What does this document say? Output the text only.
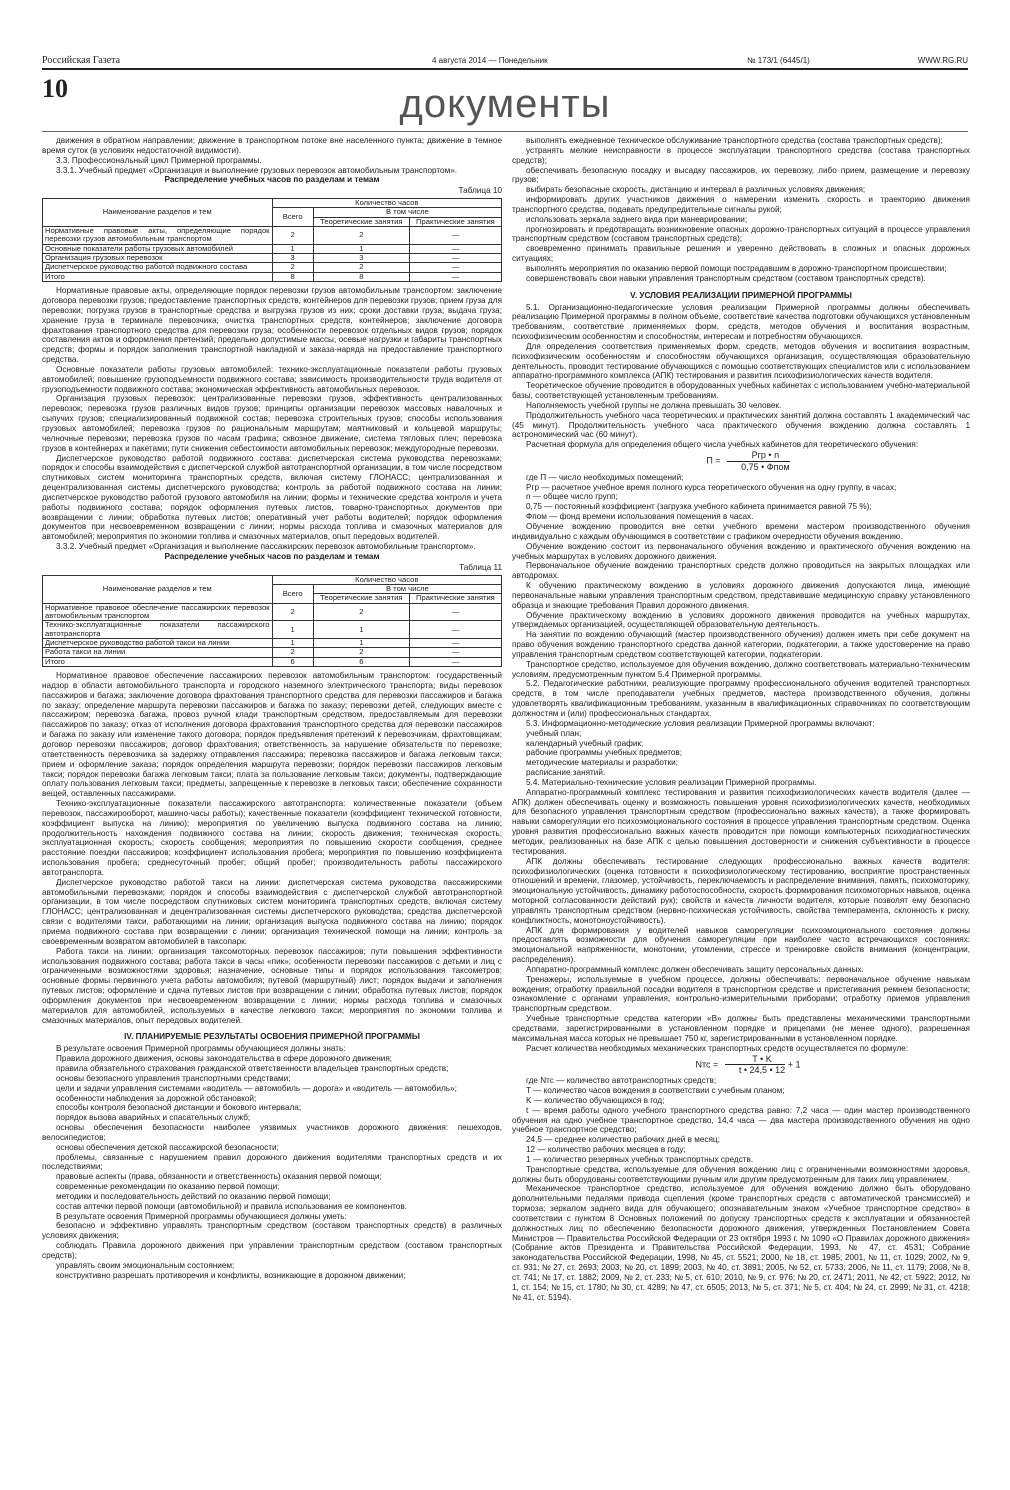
Российская Газета	4 августа 2014 — Понедельник	№ 173/1 (6445/1)	WWW.RG.RU
10	документы

движения в обратном направлении; движение в транспортном потоке вне населенного пункта; движение в темное время суток (в условиях недостаточной видимости).

3.3. Профессиональный цикл Примерной программы.

3.3.1. Учебный предмет «Организация и выполнение грузовых перевозок автомобильным транспортом».

Распределение учебных часов по разделам и темам

Таблица 10

Наименование разделов и тем	Количество часов		
	Всего	В том числе	
		Теоретические занятия	Практические занятия
Нормативные правовые акты, определяющие порядок перевозки грузов автомобильным транспортом	2	2	—
Основные показатели работы грузовых автомобилей	1	1	—
Организация грузовых перевозок	3	3	—
Диспетчерское руководство работой подвижного состава	2	2	—
Итого	8	8	—

Нормативные правовые акты, определяющие порядок перевозки грузов автомобильным транспортом: заключение договора перевозки грузов; предоставление транспортных средств, контейнеров для перевозки грузов; прием груза для перевозки; погрузка грузов в транспортные средства и выгрузка грузов из них; сроки доставки груза; выдача груза; хранение груза в терминале перевозчика; очистка транспортных средств, контейнеров; заключение договора фрахтования транспортного средства для перевозки груза; особенности перевозок отдельных видов грузов; порядок составления актов и оформления претензий; предельно допустимые массы, осевые нагрузки и габариты транспортных средств; формы и порядок заполнения транспортной накладной и заказа-наряда на предоставление транспортного средства.

Основные показатели работы грузовых автомобилей: технико-эксплуатационные показатели работы грузовых автомобилей; повышение грузоподъемности подвижного состава; зависимость производительности труда водителя от грузоподъемности подвижного состава; экономическая эффективность автомобильных перевозок.

Организация грузовых перевозок: централизованные перевозки грузов, эффективность централизованных перевозок; перевозка грузов различных видов грузов; принципы организации перевозок массовых навалочных и сыпучих грузов; специализированный подвижной состав; перевозка строительных грузов; способы использования грузовых автомобилей; перевозка грузов по рациональным маршрутам; маятниковый и кольцевой маршруты; челночные перевозки; перевозка грузов по часам графика; сквозное движение, система тягловых плеч; перевозка грузов в контейнерах и пакетами; пути снижения себестоимости автомобильных перевозок; междугородные перевозки.

Диспетчерское руководство работой подвижного состава: диспетчерская система руководства перевозками; порядок и способы взаимодействия с диспетчерской службой автотранспортной организации, в том числе посредством спутниковых систем мониторинга транспортных средств, включая систему ГЛОНАСС; централизованная и децентрализованная системы диспетчерского руководства; контроль за работой подвижного состава на линии; диспетчерское руководство работой грузового автомобиля на линии; формы и технические средства контроля и учета работы подвижного состава; порядок оформления путевых листов, товарно-транспортных документов при возвращении с линии; обработка путевых листов; оперативный учет работы водителей; порядок оформления документов при несвоевременном возвращении с линии; нормы расхода топлива и смазочных материалов для автомобилей; мероприятия по экономии топлива и смазочных материалов, опыт передовых водителей.

3.3.2. Учебный предмет «Организация и выполнение пассажирских перевозок автомобильным транспортом».

Распределение учебных часов по разделам и темам

Таблица 11

Наименование разделов и тем	Количество часов		
	Всего	В том числе	
		Теоретические занятия	Практические занятия
Нормативное правовое обеспечение пассажирских перевозок автомобильным транспортом	2	2	—
Технико-эксплуатационные показатели пассажирского автотранспорта	1	1	—
Диспетчерское руководство работой такси на линии	1	1	—
Работа такси на линии	2	2	—
Итого	6	6	—

Нормативное правовое обеспечение пассажирских перевозок автомобильным транспортом: государственный надзор в области автомобильного транспорта и городского наземного электрического транспорта; виды перевозок пассажиров и багажа; заключение договора фрахтования транспортного средства для перевозки пассажиров и багажа по заказу; определение маршрута перевозки пассажиров и багажа по заказу; перевозки детей, следующих вместе с пассажиром; перевозка багажа, провоз ручной клади транспортным средством, предоставляемым для перевозки пассажиров по заказу; отказ от исполнения договора фрахтования транспортного средства для перевозки пассажиров и багажа по заказу или изменение такого договора; порядок предъявления претензий к перевозчикам, фрахтовщикам; договор перевозки пассажиров; договор фрахтования; ответственность за нарушение обязательств по перевозке; ответственность перевозчика за задержку отправления пассажира; перевозка пассажиров и багажа легковым такси; прием и оформление заказа; порядок определения маршрута перевозки; порядок перевозки пассажиров легковым такси; порядок перевозки багажа легковым такси; плата за пользование легковым такси; документы, подтверждающие оплату пользования легковым такси; предметы, запрещенные к перевозке в легковых такси; обеспечение сохранности вещей, оставленных пассажирами.

Технико-эксплуатационные показатели пассажирского автотранспорта: количественные показатели (объем перевозок, пассажирооборот, машино-часы работы); качественные показатели (коэффициент технической готовности, коэффициент выпуска на линию); мероприятия по увеличению выпуска подвижного состава на линию; продолжительность нахождения подвижного состава на линии; скорость движения; техническая скорость; эксплуатационная скорость; скорость сообщения; мероприятия по повышению скорости сообщения, среднее расстояние поездки пассажиров; коэффициент использования пробега; мероприятия по повышению коэффициента использования пробега; среднесуточный пробег; общий пробег; производительность работы пассажирского автотранспорта.

Диспетчерское руководство работой такси на линии: диспетчерская система руководства пассажирскими автомобильными перевозками; порядок и способы взаимодействия с диспетчерской службой автотранспортной организации, в том числе посредством спутниковых систем мониторинга транспортных средств, включая систему ГЛОНАСС; централизованная и децентрализованная системы диспетчерского руководства; средства диспетчерской связи с водителями такси, работающими на линии; организация выпуска подвижного состава на линию; порядок приема подвижного состава при возвращении с линии; организация технической помощи на линии; контроль за своевременным возвратом автомобилей в таксопарк.

Работа такси на линии: организация таксомоторных перевозок пассажиров; пути повышения эффективности использования подвижного состава; работа такси в часы «пик»; особенности перевозки пассажиров с детьми и лиц с ограниченными возможностями здоровья; назначение, основные типы и порядок использования таксометров; основные формы первичного учета работы автомобиля; путевой (маршрутный) лист; порядок выдачи и заполнения путевых листов; оформление и сдача путевых листов при возвращении с линии; обработка путевых листов; порядок оформления документов при несвоевременном возвращении с линии; нормы расхода топлива и смазочных материалов для автомобилей, используемых в качестве легкового такси; мероприятия по экономии топлива и смазочных материалов, опыт передовых водителей.

IV. ПЛАНИРУЕМЫЕ РЕЗУЛЬТАТЫ ОСВОЕНИЯ ПРИМЕРНОЙ ПРОГРАММЫ

В результате освоения Примерной программы обучающиеся должны знать:

Правила дорожного движения, основы законодательства в сфере дорожного движения;

правила обязательного страхования гражданской ответственности владельцев транспортных средств;

основы безопасного управления транспортными средствами;

цели и задачи управления системами «водитель — автомобиль — дорога» и «водитель — автомобиль»;

особенности наблюдения за дорожной обстановкой;

способы контроля безопасной дистанции и бокового интервала;

порядок вызова аварийных и спасательных служб;

основы обеспечения безопасности наиболее уязвимых участников дорожного движения: пешеходов, велосипедистов;

основы обеспечения детской пассажирской безопасности;

проблемы, связанные с нарушением правил дорожного движения водителями транспортных средств и их последствиями;

правовые аспекты (права, обязанности и ответственность) оказания первой помощи;

современные рекомендации по оказанию первой помощи;

методики и последовательность действий по оказанию первой помощи;

состав аптечки первой помощи (автомобильной) и правила использования ее компонентов.

В результате освоения Примерной программы обучающиеся должны уметь:

безопасно и эффективно управлять транспортным средством (составом транспортных средств) в различных условиях движения;

соблюдать Правила дорожного движения при управлении транспортным средством (составом транспортных средств);

управлять своим эмоциональным состоянием;

конструктивно разрешать противоречия и конфликты, возникающие в дорожном движении;

выполнять ежедневное техническое обслуживание транспортного средства (состава транспортных средств);

устранять мелкие неисправности в процессе эксплуатации транспортного средства (состава транспортных средств);

обеспечивать безопасную посадку и высадку пассажиров, их перевозку, либо прием, размещение и перевозку грузов;

выбирать безопасные скорость, дистанцию и интервал в различных условиях движения;

информировать других участников движения о намерении изменить скорость и траекторию движения транспортного средства, подавать предупредительные сигналы рукой;

использовать зеркала заднего вида при маневрировании;

прогнозировать и предотвращать возникновение опасных дорожно-транспортных ситуаций в процессе управления транспортным средством (составом транспортных средств);

своевременно принимать правильные решения и уверенно действовать в сложных и опасных дорожных ситуациях;

выполнять мероприятия по оказанию первой помощи пострадавшим в дорожно-транспортном происшествии;

совершенствовать свои навыки управления транспортным средством (составом транспортных средств).

V. УСЛОВИЯ РЕАЛИЗАЦИИ ПРИМЕРНОЙ ПРОГРАММЫ

5.1. Организационно-педагогические условия реализации Примерной программы должны обеспечивать реализацию Примерной программы в полном объеме, соответствие качества подготовки обучающихся установленным требованиям, соответствие применяемых форм, средств, методов обучения и воспитания возрастным, психофизическим особенностям и способностям, интересам и потребностям обучающихся.

Для определения соответствия применяемых форм, средств, методов обучения и воспитания возрастным, психофизическим особенностям и способностям обучающихся организация, осуществляющая образовательную деятельность, проводит тестирование обучающихся с помощью соответствующих специалистов или с использованием аппаратно-программного комплекса (АПК) тестирования и развития психофизиологических качеств водителя.

Теоретическое обучение проводится в оборудованных учебных кабинетах с использованием учебно-материальной базы, соответствующей установленным требованиям.

Наполняемость учебной группы не должна превышать 30 человек.

Продолжительность учебного часа теоретических и практических занятий должна составлять 1 академический час (45 минут). Продолжительность учебного часа практического обучения вождению должна составлять 1 астрономический час (60 минут).

Расчетная формула для определения общего числа учебных кабинетов для теоретического обучения:

$П = \frac{\text{Pгр • n}}{\text{0,75 • Фпом}}$

где П — число необходимых помещений;

Pгр — расчетное учебное время полного курса теоретического обучения на одну группу, в часах;

n — общее число групп;

0,75 — постоянный коэффициент (загрузка учебного кабинета принимается равной 75 %);

Фпом — фонд времени использования помещения в часах.

Обучение вождению проводится вне сетки учебного времени мастером производственного обучения индивидуально с каждым обучающимся в соответствии с графиком очередности обучения вождению.

Обучение вождению состоит из первоначального обучения вождению и практического обучения вождению на учебных маршрутах в условиях дорожного движения.

Первоначальное обучение вождению транспортных средств должно проводиться на закрытых площадках или автодромах.

К обучению практическому вождению в условиях дорожного движения допускаются лица, имеющие первоначальные навыки управления транспортным средством, представившие медицинскую справку установленного образца и знающие требования Правил дорожного движения.

Обучение практическому вождению в условиях дорожного движения проводится на учебных маршрутах, утверждаемых организацией, осуществляющей образовательную деятельность.

На занятии по вождению обучающий (мастер производственного обучения) должен иметь при себе документ на право обучения вождению транспортного средства данной категории, подкатегории, а также удостоверение на право управления транспортным средством соответствующей категории, подкатегории.

Транспортное средство, используемое для обучения вождению, должно соответствовать материально-техническим условиям, предусмотренным пунктом 5.4 Примерной программы.

5.2. Педагогические работники, реализующие программу профессионального обучения водителей транспортных средств, в том числе преподаватели учебных предметов, мастера производственного обучения, должны удовлетворять квалификационным требованиям, указанным в квалификационных справочниках по соответствующим должностям и (или) профессиональных стандартах.

5.3. Информационно-методические условия реализации Примерной программы включают:

учебный план;

календарный учебный график;

рабочие программы учебных предметов;

методические материалы и разработки;

расписание занятий.

5.4. Материально-технические условия реализации Примерной программы.

Аппаратно-программный комплекс тестирования и развития психофизиологических качеств водителя (далее — АПК) должен обеспечивать оценку и возможность повышения уровня психофизиологических качеств, необходимых для безопасного управления транспортным средством (профессионально важных качеств), а также формировать навыки саморегуляции его психоэмоционального состояния в процессе управления транспортным средством. Оценка уровня развития профессионально важных качеств проводится при помощи компьютерных психодиагностических методик, реализованных на базе АПК с целью повышения достоверности и снижения субъективности в процессе тестирования.

АПК должны обеспечивать тестирование следующих профессионально важных качеств водителя: психофизиологических (оценка готовности к психофизиологическому тестированию, восприятие пространственных отношений и времени, глазомер, устойчивость, переключаемость и распределение внимания, память, психомоторику, эмоциональную устойчивость, динамику работоспособности, скорость формирования психомоторных навыков, оценка моторной согласованности действий рук); свойств и качеств личности водителя, которые позволят ему безопасно управлять транспортным средством (нервно-психическая устойчивость, свойства темперамента, склонность к риску, конфликтность, монотоноустойчивость).

АПК для формирования у водителей навыков саморегуляции психоэмоционального состояния должны предоставлять возможности для обучения саморегуляции при наиболее часто встречающихся состояниях: эмоциональной напряженности, монотонии, утомлении, стрессе и тренировке свойств внимания (концентрации, распределения).

Аппаратно-программный комплекс должен обеспечивать защиту персональных данных.

Тренажеры, используемые в учебном процессе, должны обеспечивать: первоначальное обучение навыкам вождения; отработку правильной посадки водителя в транспортном средстве и пристегивания ремнем безопасности; ознакомление с органами управления, контрольно-измерительными приборами; отработку приемов управления транспортным средством.

Учебные транспортные средства категории «B» должны быть представлены механическими транспортными средствами, зарегистрированными в установленном порядке и прицепами (не менее одного), разрешенная максимальная масса которых не превышает 750 кг, зарегистрированными в установленном порядке.

Расчет количества необходимых механических транспортных средств осуществляется по формуле:

Nтс = $\frac{T • K}{t • 24,5 • 12} + 1$

где Nтс — количество автотранспортных средств;

T — количество часов вождения в соответствии с учебным планом;

K — количество обучающихся в год;

t — время работы одного учебного транспортного средства равно: 7,2 часа — один мастер производственного обучения на одно учебное транспортное средство, 14,4 часа — два мастера производственного обучения на одно учебное транспортное средство;

24,5 — среднее количество рабочих дней в месяц;

12 — количество рабочих месяцев в году;

1 — количество резервных учебных транспортных средств.

Транспортные средства, используемые для обучения вождению лиц с ограниченными возможностями здоровья, должны быть оборудованы соответствующими ручным или другим предусмотренным для таких лиц управлением.

Механическое транспортное средство, используемое для обучения вождению должно быть оборудовано дополнительными педалями привода сцепления (кроме транспортных средств с автоматической трансмиссией) и тормоза; зеркалом заднего вида для обучающего; опознавательным знаком «Учебное транспортное средство» в соответствии с пунктом 8 Основных положений по допуску транспортных средств к эксплуатации и обязанностей должностных лиц по обеспечению безопасности дорожного движения, утвержденных Постановлением Совета Министров — Правительства Российской Федерации от 23 октября 1993 г. № 1090 «О Правилах дорожного движения» (Собрание актов Президента и Правительства Российской Федерации, 1993, № 47, ст. 4531; Собрание законодательства Российской Федерации, 1998, № 45, ст. 5521; 2000, № 18, ст. 1985; 2001, № 11, ст. 1029; 2002, № 9, ст. 931; № 27, ст. 2693; 2003, № 20, ст. 1899; 2003, № 40, ст. 3891; 2005, № 52, ст. 5733; 2006, № 11, ст. 1179; 2008, № 8, ст. 741; № 17, ст. 1882; 2009, № 2, ст. 233; № 5, ст. 610; 2010, № 9, ст. 976; № 20, ст. 2471; 2011, № 42, ст. 5922; 2012, № 1, ст. 154; № 15, ст. 1780; № 30, ст. 4289; № 47, ст. 6505; 2013, № 5, ст. 371; № 5, ст. 404; № 24, ст. 2999; № 31, ст. 4218; № 41, ст. 5194).
